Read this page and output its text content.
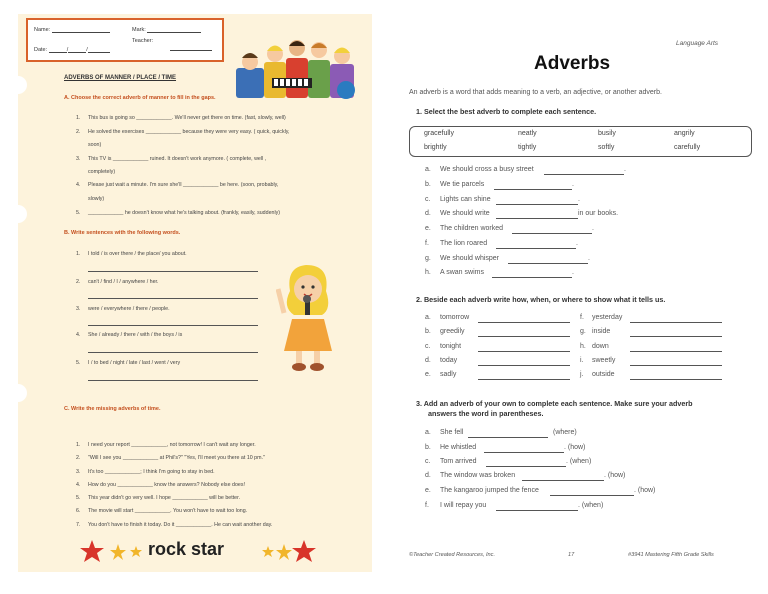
Name:	Mark:
Teacher:
Date:	/	/
ADVERBS OF MANNER / PLACE / TIME
A. Choose the correct adverb of manner to fill in the gaps.
1. This bus is going so ____________. We'll never get there on time. (fast, slowly, well)
2. He solved the exercises ____________ because they were very easy. ( quick, quickly,
soon)
3. This TV is ____________ ruined. It doesn't work anymore. ( complete, well ,
completely)
4. Please just wait a minute. I'm sure she'll ____________ be here. (soon, probably,
slowly)
5. ____________ he doesn't know what he's talking about. (frankly, easily, suddenly)
B. Write sentences with the following words.
1. I told / is over there / the place/ you about.
2. can't / find / I / anywhere / her.
3. were / everywhere / there / people.
4. She / already / there / with / the boys / is
5. I / to bed / night / late / last / went / very
C. Write the missing adverbs of time.
1. I need your report ____________, not tomorrow! I can't wait any longer.
2. "Will I see you ____________ at Phil's?" "Yes, I'll meet you there at 10 pm."
3. It's too ____________; I think I'm going to stay in bed.
4. How do you ____________ know the answers? Nobody else does!
5. This year didn't go very well. I hope ____________ will be better.
6. The movie will start ____________. You won't have to wait too long.
7. You don't have to finish it today. Do it ____________. He can wait another day.
rock star
Language Arts
Adverbs
An adverb is a word that adds meaning to a verb, an adjective, or another adverb.
1. Select the best adverb to complete each sentence.
gracefully	neatly	busily	angrily
brightly	tightly	softly	carefully
a. We should cross a busy street	.
b. We tie parcels	.
c. Lights can shine	.
d. We should write	in our books.
e. The children worked	.
f. The lion roared	.
g. We should whisper	.
h. A swan swims	.
2. Beside each adverb write how, when, or where to show what it tells us.
a. tomorrow
b. greedily
c. tonight
d. today
e. sadly
f. yesterday
g. inside
h. down
i. sweetly
j. outside
3. Add an adverb of your own to complete each sentence. Make sure your adverb
answers the word in parentheses.
a. She fell	(where)
b. He whistled	. (how)
c. Tom arrived	. (when)
d. The window was broken	. (how)
e. The kangaroo jumped the fence	. (how)
f. I will repay you	. (when)
©Teacher Created Resources, Inc.	17	#3941 Mastering Fifth Grade Skills
